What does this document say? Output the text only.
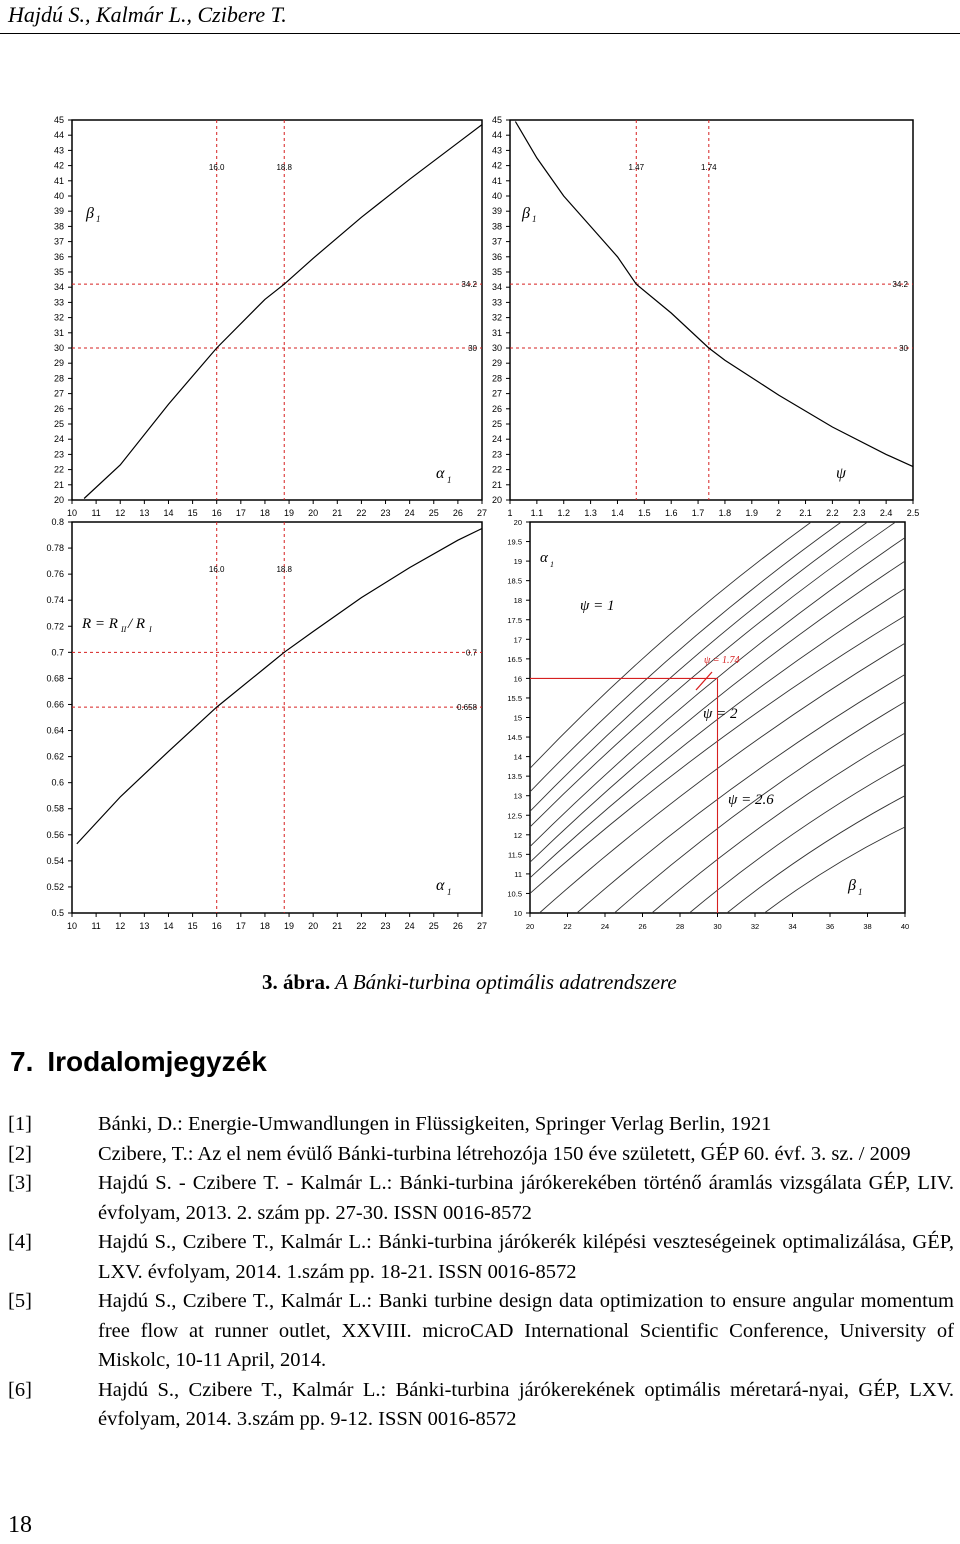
Hajdú S., Kalmár L., Czibere T.
10 11 12 13 14 15 16 17 18 19 20 21 22 23 24 25 26 27
20
21
22
23
24
25
26
27
28
29
30
31
32
33
34
35
36
37
38
39
40
41
42
43
44
45
16.0	18.8
30
34.2
1 1.1 1.2 1.3 1.4 1.5 1.6 1.7 1.8 1.9 2 2.1 2.2 2.3 2.4 2.5
20
21
22
23
24
25
26
27
28
29
30
31
32
33
34
35
36
37
38
39
40
41
42
43
44
45
1.47	1.74
30
34.2
10 11 12 13 14 15 16 17 18 19 20 21 22 23 24 25 26 27
0.5
0.52
0.54
0.56
0.58
0.6
0.62
0.64
0.66
0.68
0.7
0.72
0.74
0.76
0.78
0.8
16.0	18.8
0.658
0.7
20	22	24	26	28	30	32	34	36	38	40
10
10.5
11
11.5
12
12.5
13
13.5
14
14.5
15
15.5
16
16.5
17
17.5
18
18.5
19
19.5
20
ψ = 1
ψ = 2
ψ = 2.6
ψ = 1.74
β 1
α 1
β 1
ψ
R = R II / R I
α 1
α 1
β 1
3. ábra. A Bánki-turbina optimális adatrendszere
7. Irodalomjegyzék
[1]	Bánki, D.: Energie-Umwandlungen in Flüssigkeiten, Springer Verlag Berlin, 1921
[2]	Czibere, T.: Az el nem évülő Bánki-turbina létrehozója 150 éve született, GÉP 60. évf. 3. sz. / 2009
[3]	Hajdú S. - Czibere T. - Kalmár L.: Bánki-turbina járókerekében történő áramlás vizsgálata GÉP, LIV. évfolyam, 2013. 2. szám pp. 27-30. ISSN 0016-8572
[4]	Hajdú S., Czibere T., Kalmár L.: Bánki-turbina járókerék kilépési veszteségeinek optimalizálása, GÉP, LXV. évfolyam, 2014. 1.szám pp. 18-21. ISSN 0016-8572
[5]	Hajdú S., Czibere T., Kalmár L.: Banki turbine design data optimization to ensure angular momentum free flow at runner outlet, XXVIII. microCAD International Scientific Conference, University of Miskolc, 10-11 April, 2014.
[6]	Hajdú S., Czibere T., Kalmár L.: Bánki-turbina járókerekének optimális méretará-nyai, GÉP, LXV. évfolyam, 2014. 3.szám pp. 9-12. ISSN 0016-8572
18
